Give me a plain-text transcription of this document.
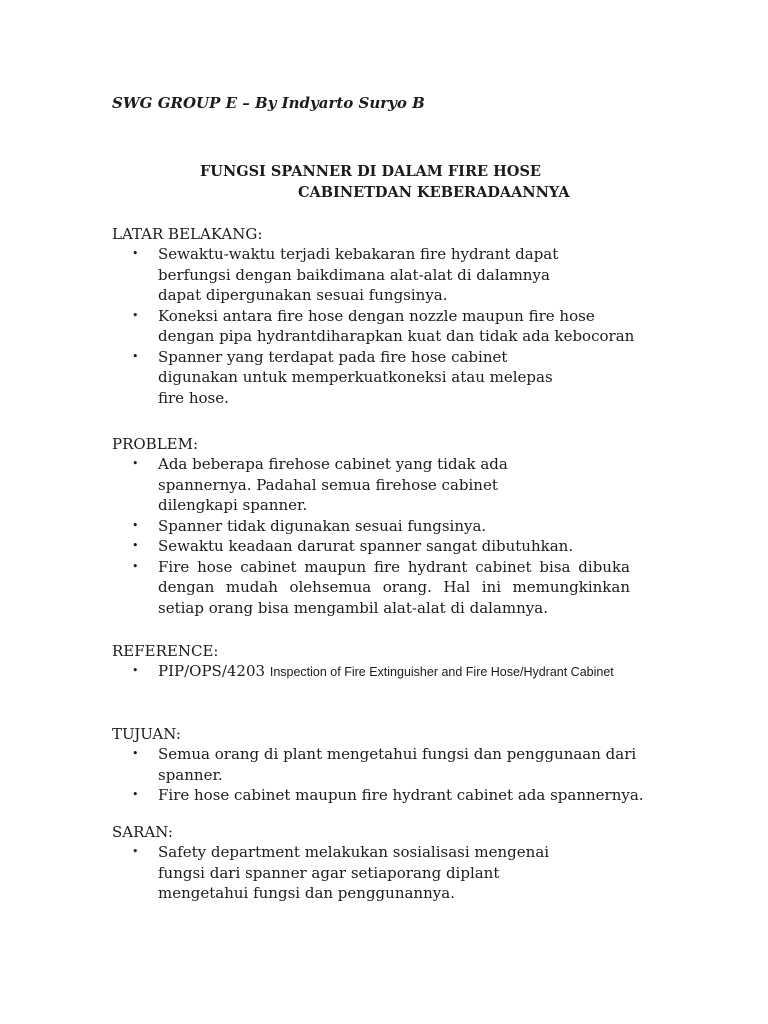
SWG GROUP E – By Indyarto Suryo B
FUNGSI SPANNER DI DALAM FIRE HOSE
CABINETDAN KEBERADAANNYA
LATAR BELAKANG:
• Sewaktu-waktu terjadi kebakaran fire hydrant dapat berfungsi dengan baikdimana alat-alat di dalamnya dapat dipergunakan sesuai fungsinya.
• Koneksi antara fire hose dengan nozzle maupun fire hose dengan pipa hydrantdiharapkan kuat dan tidak ada kebocoran
• Spanner yang terdapat pada fire hose cabinet digunakan untuk memperkuatkoneksi atau melepas fire hose.
PROBLEM:
• Ada beberapa firehose cabinet yang tidak ada spannernya. Padahal semua firehose cabinet dilengkapi spanner.
• Spanner tidak digunakan sesuai fungsinya.
• Sewaktu keadaan darurat spanner sangat dibutuhkan.
• Fire hose cabinet maupun fire hydrant cabinet bisa dibuka dengan mudah olehsemua orang. Hal ini memungkinkan setiap orang bisa mengambil alat-alat di dalamnya.
REFERENCE:
• PIP/OPS/4203 Inspection of Fire Extinguisher and Fire Hose/Hydrant Cabinet
TUJUAN:
• Semua orang di plant mengetahui fungsi dan penggunaan dari spanner.
• Fire hose cabinet maupun fire hydrant cabinet ada spannernya.
SARAN:
• Safety department melakukan sosialisasi mengenai fungsi dari spanner agar setiaporang diplant mengetahui fungsi dan penggunannya.
